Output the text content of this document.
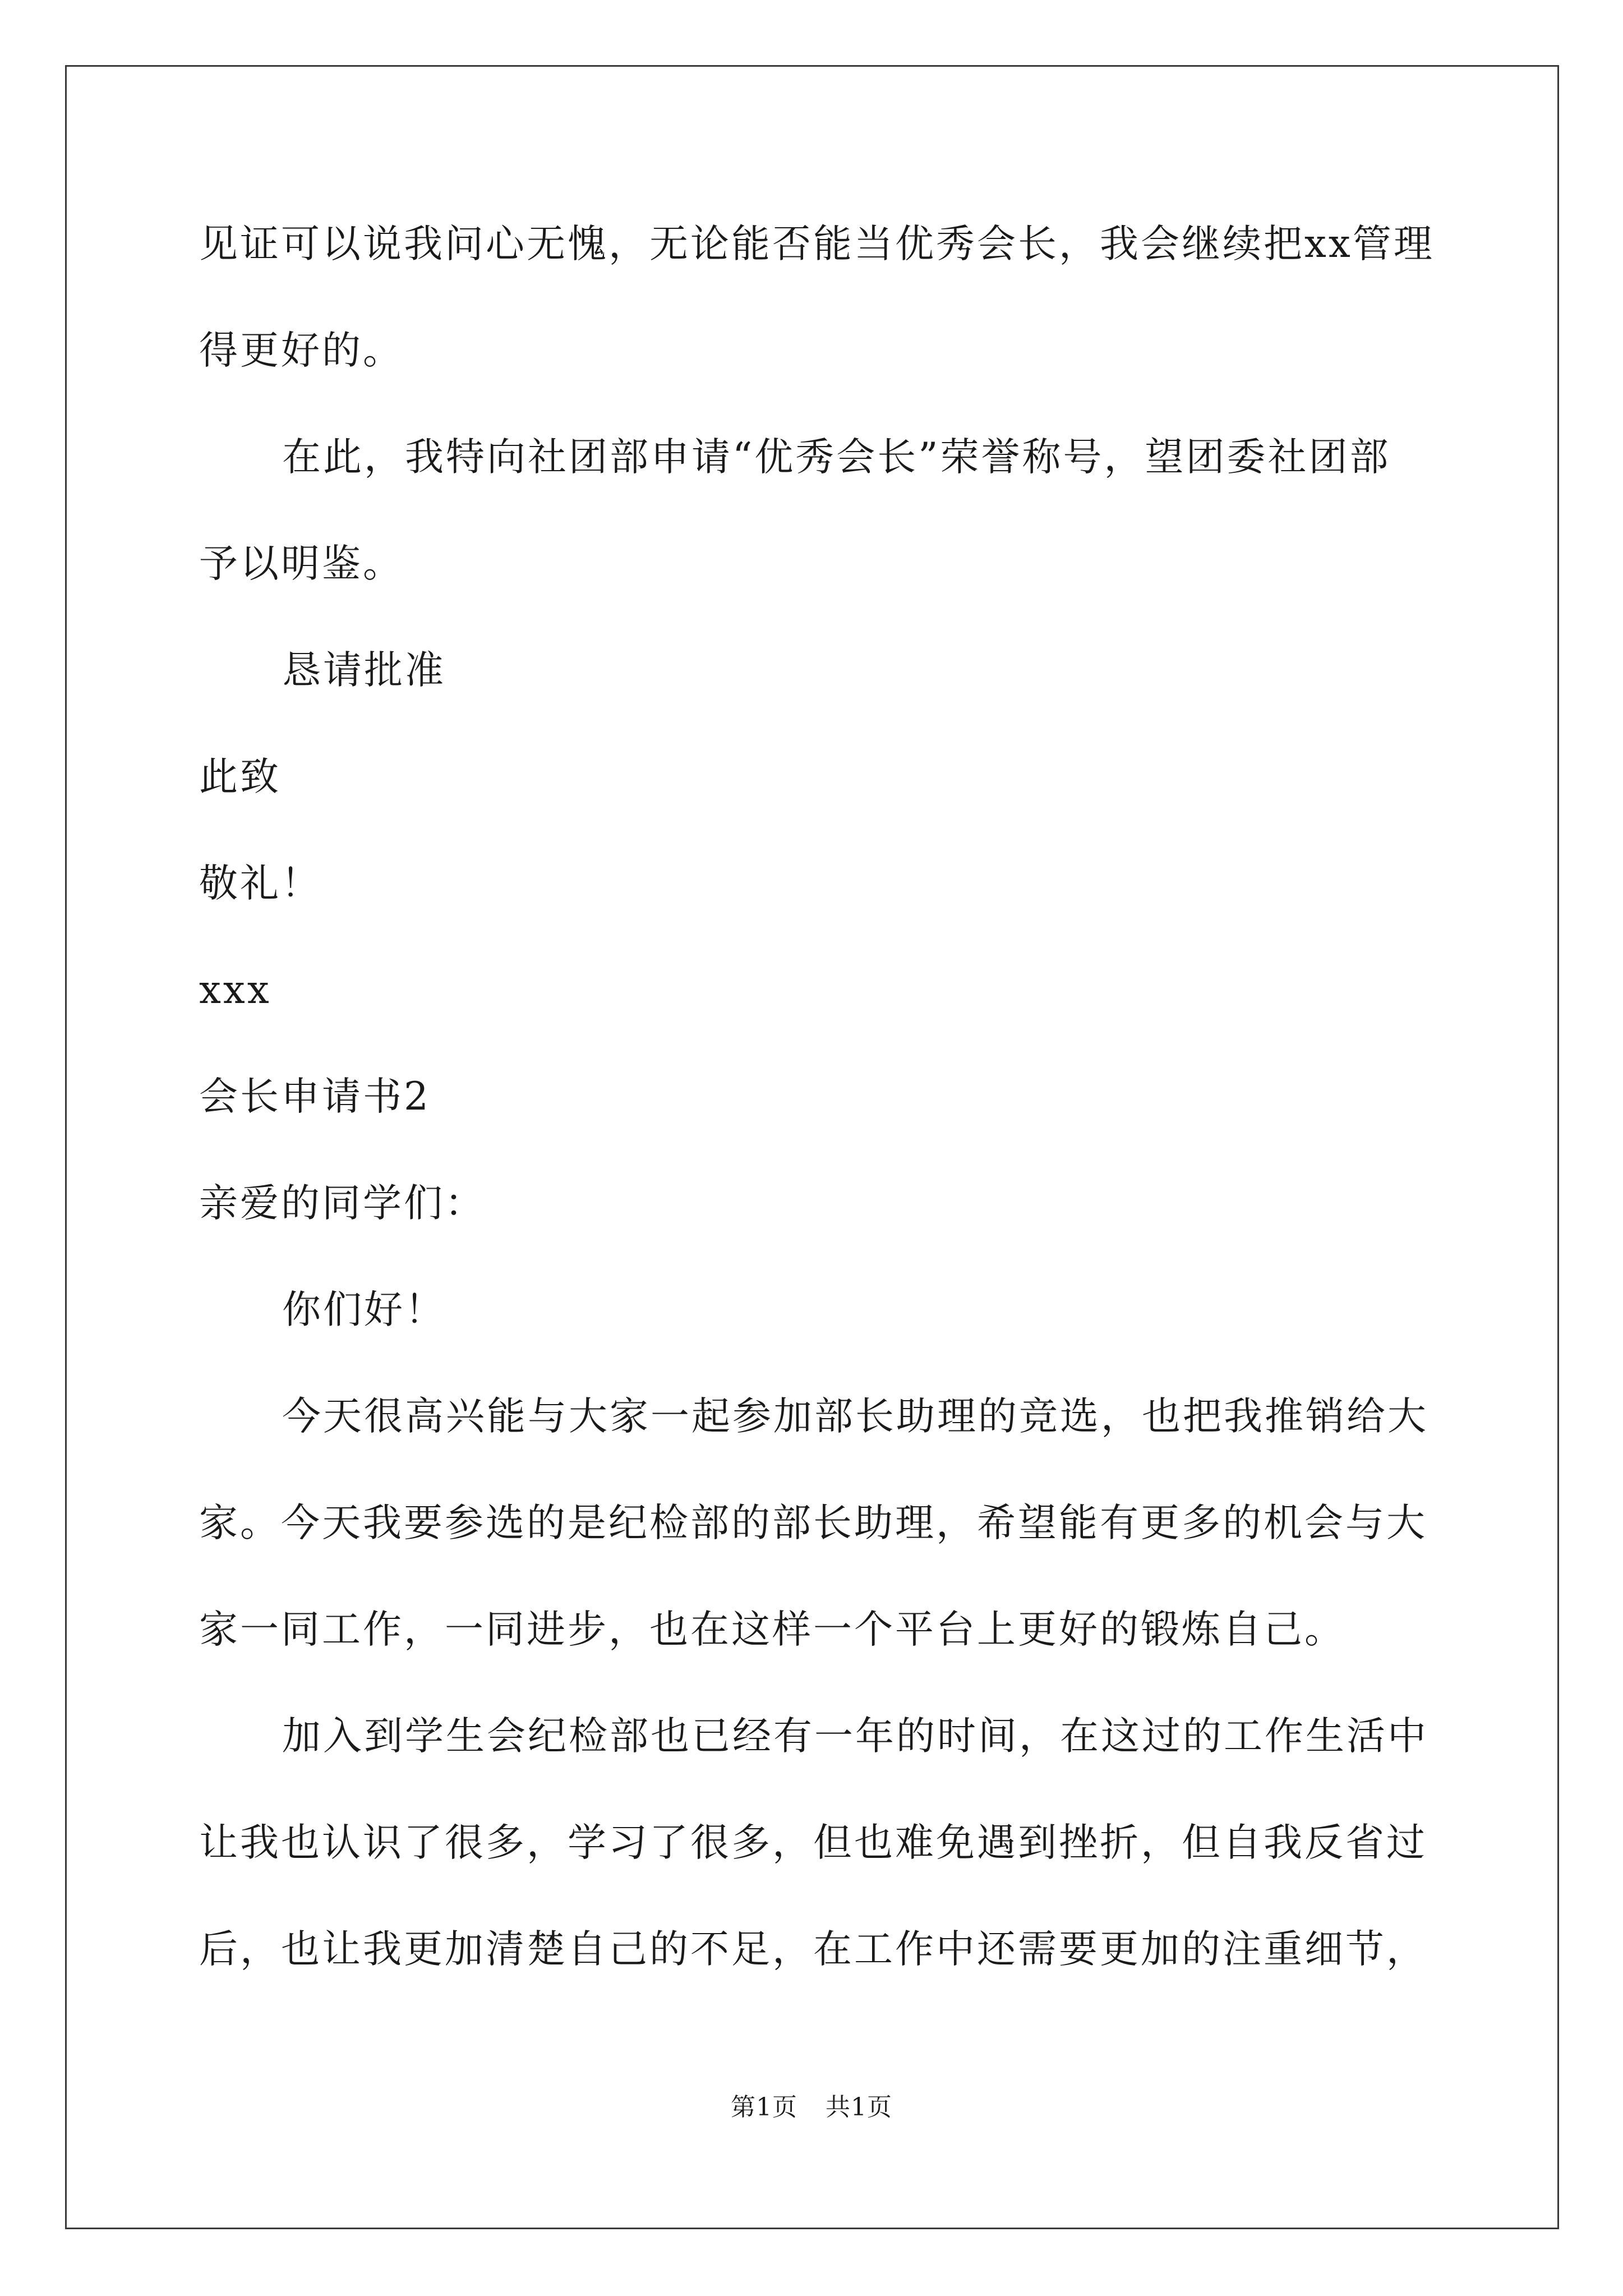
见证可以说我问心无愧，无论能否能当优秀会长，我会继续把xx管理
得更好的。
在此，我特向社团部申请“优秀会长”荣誉称号，望团委社团部
予以明鉴。
恳请批准
此致
敬礼！
xxx
会长申请书2
亲爱的同学们：
你们好！
今天很高兴能与大家一起参加部长助理的竞选，也把我推销给大
家。今天我要参选的是纪检部的部长助理，希望能有更多的机会与大
家一同工作，一同进步，也在这样一个平台上更好的锻炼自己。
加入到学生会纪检部也已经有一年的时间，在这过的工作生活中
让我也认识了很多，学习了很多，但也难免遇到挫折，但自我反省过
后，也让我更加清楚自己的不足，在工作中还需要更加的注重细节，
第1页 共1页
